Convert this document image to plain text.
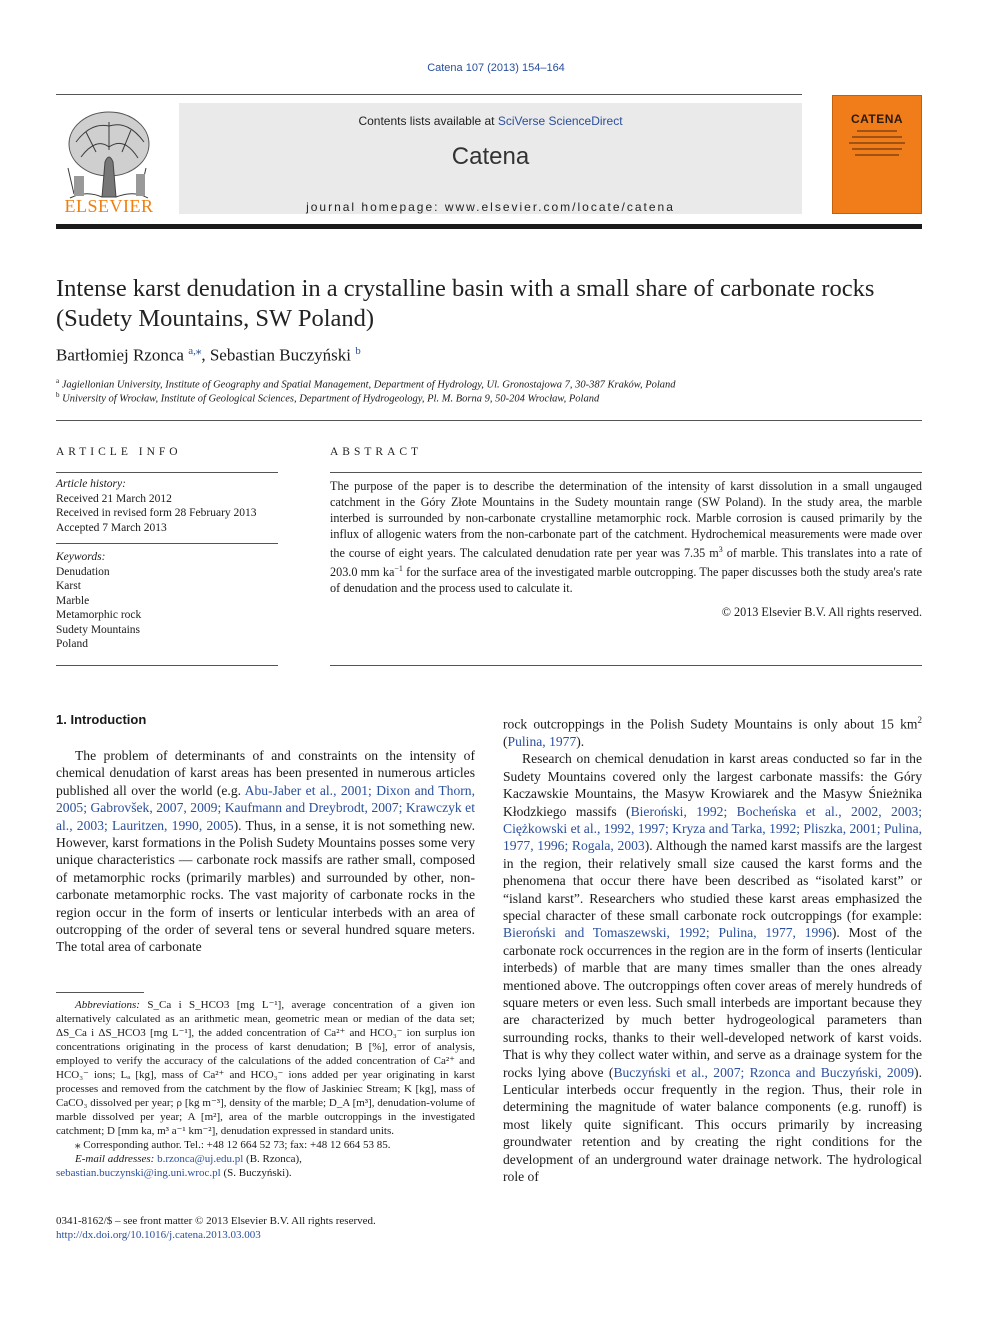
Catena 107 (2013) 154–164
ELSEVIER
Contents lists available at SciVerse ScienceDirect
Catena
journal homepage: www.elsevier.com/locate/catena
CATENA
Intense karst denudation in a crystalline basin with a small share of carbonate rocks (Sudety Mountains, SW Poland)
Bartłomiej Rzonca $^{a,⁎}$, Sebastian Buczyński $^b$
$^a$ Jagiellonian University, Institute of Geography and Spatial Management, Department of Hydrology, Ul. Gronostajowa 7, 30-387 Kraków, Poland
$^b$ University of Wrocław, Institute of Geological Sciences, Department of Hydrogeology, Pl. M. Borna 9, 50-204 Wrocław, Poland
ARTICLE INFO
Article history:
Received 21 March 2012
Received in revised form 28 February 2013
Accepted 7 March 2013
Keywords:
Denudation
Karst
Marble
Metamorphic rock
Sudety Mountains
Poland
ABSTRACT
The purpose of the paper is to describe the determination of the intensity of karst dissolution in a small ungauged catchment in the Góry Złote Mountains in the Sudety mountain range (SW Poland). In the study area, the marble interbed is surrounded by non-carbonate crystalline metamorphic rock. Marble corrosion is caused primarily by the influx of allogenic waters from the non-carbonate part of the catchment. Hydrochemical measurements were made over the course of eight years. The calculated denudation rate per year was 7.35 $m^3$ of marble. This translates into a rate of 203.0 mm $ka^{-1}$ for the surface area of the investigated marble outcropping. The paper discusses both the study area's rate of denudation and the process used to calculate it.
© 2013 Elsevier B.V. All rights reserved.
1. Introduction

The problem of determinants of and constraints on the intensity of chemical denudation of karst areas has been presented in numerous articles published all over the world (e.g. Abu-Jaber et al., 2001; Dixon and Thorn, 2005; Gabrovšek, 2007, 2009; Kaufmann and Dreybrodt, 2007; Krawczyk et al., 2003; Lauritzen, 1990, 2005). Thus, in a sense, it is not something new. However, karst formations in the Polish Sudety Mountains posses some very unique characteristics — carbonate rock massifs are rather small, composed of metamorphic rocks (primarily marbles) and surrounded by other, non-carbonate metamorphic rocks. The vast majority of carbonate rocks in the region occur in the form of inserts or lenticular interbeds with an area of outcropping of the order of several tens or several hundred square meters. The total area of carbonate

Abbreviations: S_Ca i S_HCO3 [mg L⁻¹], average concentration of a given ion alternatively calculated as an arithmetic mean, geometric mean or median of the data set; ΔS_Ca i ΔS_HCO3 [mg L⁻¹], the added concentration of Ca²⁺ and HCO₃⁻ ion surplus ion concentrations originating in the process of karst denudation; B [%], error of analysis, employed to verify the accuracy of the calculations of the added concentration of Ca²⁺ and HCO₃⁻ ions; Lₐ [kg], mass of Ca²⁺ and HCO₃⁻ ions added per year originating in karst processes and removed from the catchment by the flow of Jaskiniec Stream; K [kg], mass of CaCO₃ dissolved per year; ρ [kg m⁻³], density of the marble; D_A [m³], denudation-volume of marble dissolved per year; A [m²], area of the marble outcroppings in the investigated catchment; D [mm ka, m³ a⁻¹ km⁻²], denudation expressed in standard units.

⁎ Corresponding author. Tel.: +48 12 664 52 73; fax: +48 12 664 53 85.

E-mail addresses: b.rzonca@uj.edu.pl (B. Rzonca),

sebastian.buczynski@ing.uni.wroc.pl (S. Buczyński).
0341-8162/$ – see front matter © 2013 Elsevier B.V. All rights reserved.
http://dx.doi.org/10.1016/j.catena.2013.03.003
rock outcroppings in the Polish Sudety Mountains is only about 15 $km^2$ (Pulina, 1977).

Research on chemical denudation in karst areas conducted so far in the Sudety Mountains covered only the largest carbonate massifs: the Góry Kaczawskie Mountains, the Masyw Krowiarek and the Masyw Śnieżnika Kłodzkiego massifs (Bieroński, 1992; Bocheńska et al., 2002, 2003; Ciężkowski et al., 1992, 1997; Kryza and Tarka, 1992; Pliszka, 2001; Pulina, 1977, 1996; Rogala, 2003). Although the named karst massifs are the largest in the region, their relatively small size caused the karst forms and the phenomena that occur there have been described as “isolated karst” or “island karst”. Researchers who studied these karst areas emphasized the special character of these small carbonate rock outcroppings (for example: Bieroński and Tomaszewski, 1992; Pulina, 1977, 1996). Most of the carbonate rock occurrences in the region are in the form of inserts (lenticular interbeds) of marble that are many times smaller than the ones already mentioned above. The outcroppings often cover areas of merely hundreds of square meters or even less. Such small interbeds are important because they are characterized by much better hydrogeological parameters than surrounding rocks, thanks to their well-developed network of karst voids. That is why they collect water within, and serve as a drainage system for the rocks lying above (Buczyński et al., 2007; Rzonca and Buczyński, 2009). Lenticular interbeds occur frequently in the region. Thus, their role in determining the magnitude of water balance components (e.g. runoff) is most likely quite significant. This occurs primarily by increasing groundwater retention and by creating the right conditions for the development of an underground water drainage network. The hydrological role of
